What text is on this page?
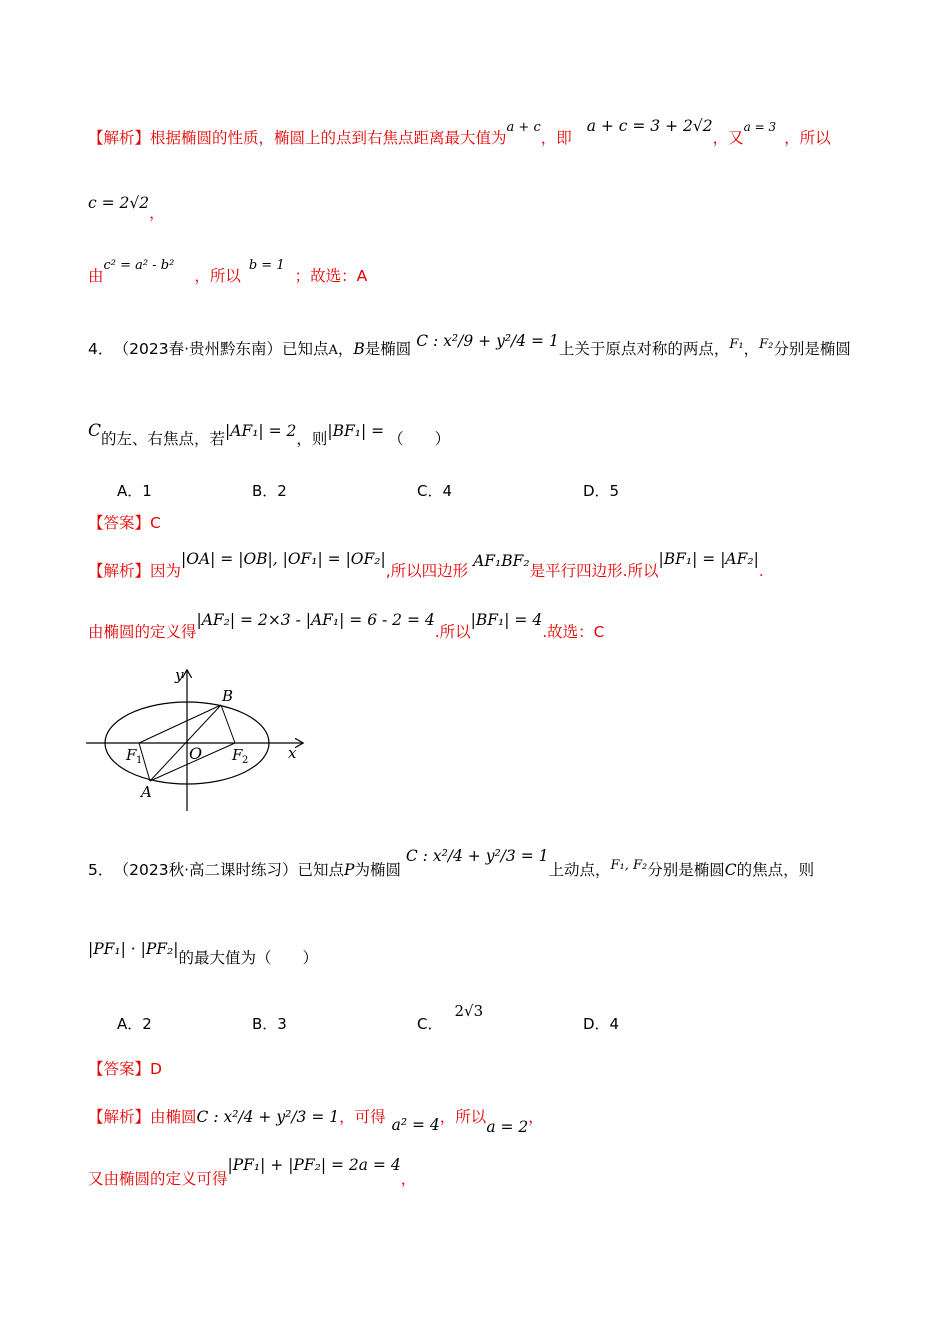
【解析】根据椭圆的性质，椭圆上的点到右焦点距离最大值为$^{a + c}$，即 a + c = 3 + 2√2，又$^{a = 3}$，所以
c = 2√2，
由$^{c^2 = a^2 - b^2}$，所以$^{b = 1}$；故选：A
4． （2023春·贵州黔东南）已知点A，B是椭圆 C : x²/9 + y²/4 = 1上关于原点对称的两点，$^{F_1}$，$^{F_2}$分别是椭圆
C的左、右焦点，若|AF₁| = 2，则|BF₁| = （　　）
A．1	B．2	C．4	D．5
【答案】C
【解析】因为|OA| = |OB|, |OF₁| = |OF₂|,所以四边形 AF₁BF₂是平行四边形.所以|BF₁| = |AF₂|.
由椭圆的定义得|AF₂| = 2×3 - |AF₁| = 6 - 2 = 4.所以|BF₁| = 4.故选：C
y
x
O
B
A
F 1	F 2
5． （2023秋·高二课时练习）已知点P为椭圆 C : x²/4 + y²/3 = 1上动点，$^{F_1, F_2}$分别是椭圆C的焦点，则
|PF₁| · |PF₂|的最大值为（　　）
A．2	B．3	C．2√3
D．4
【答案】D
【解析】由椭圆C : x²/4 + y²/3 = 1，可得 a² = 4，所以a = 2，
又由椭圆的定义可得|PF₁| + |PF₂| = 2a = 4，
